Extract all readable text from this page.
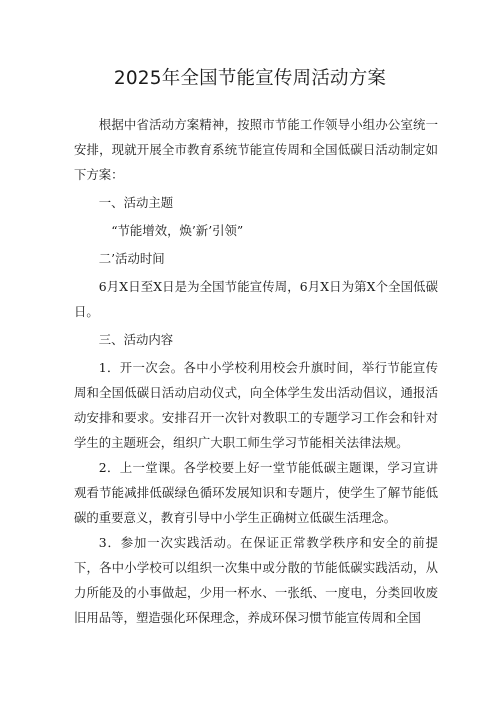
2025年全国节能宣传周活动方案

根据中省活动方案精神，按照市节能工作领导小组办公室统一安排，现就开展全市教育系统节能宣传周和全国低碳日活动制定如下方案：

一、活动主题

“节能增效，焕’新’引领”

二’活动时间

6月X日至X日是为全国节能宣传周，6月X日为第X个全国低碳日。

三、活动内容

1．开一次会。各中小学校利用校会升旗时间，举行节能宣传周和全国低碳日活动启动仪式，向全体学生发出活动倡议，通报活动安排和要求。安排召开一次针对教职工的专题学习工作会和针对学生的主题班会，组织广大职工师生学习节能相关法律法规。

2．上一堂课。各学校要上好一堂节能低碳主题课，学习宣讲观看节能减排低碳绿色循环发展知识和专题片，使学生了解节能低碳的重要意义，教育引导中小学生正确树立低碳生活理念。

3．参加一次实践活动。在保证正常教学秩序和安全的前提下，各中小学校可以组织一次集中或分散的节能低碳实践活动，从力所能及的小事做起，少用一杯水、一张纸、一度电，分类回收废旧用品等，塑造强化环保理念，养成环保习惯节能宣传周和全国
